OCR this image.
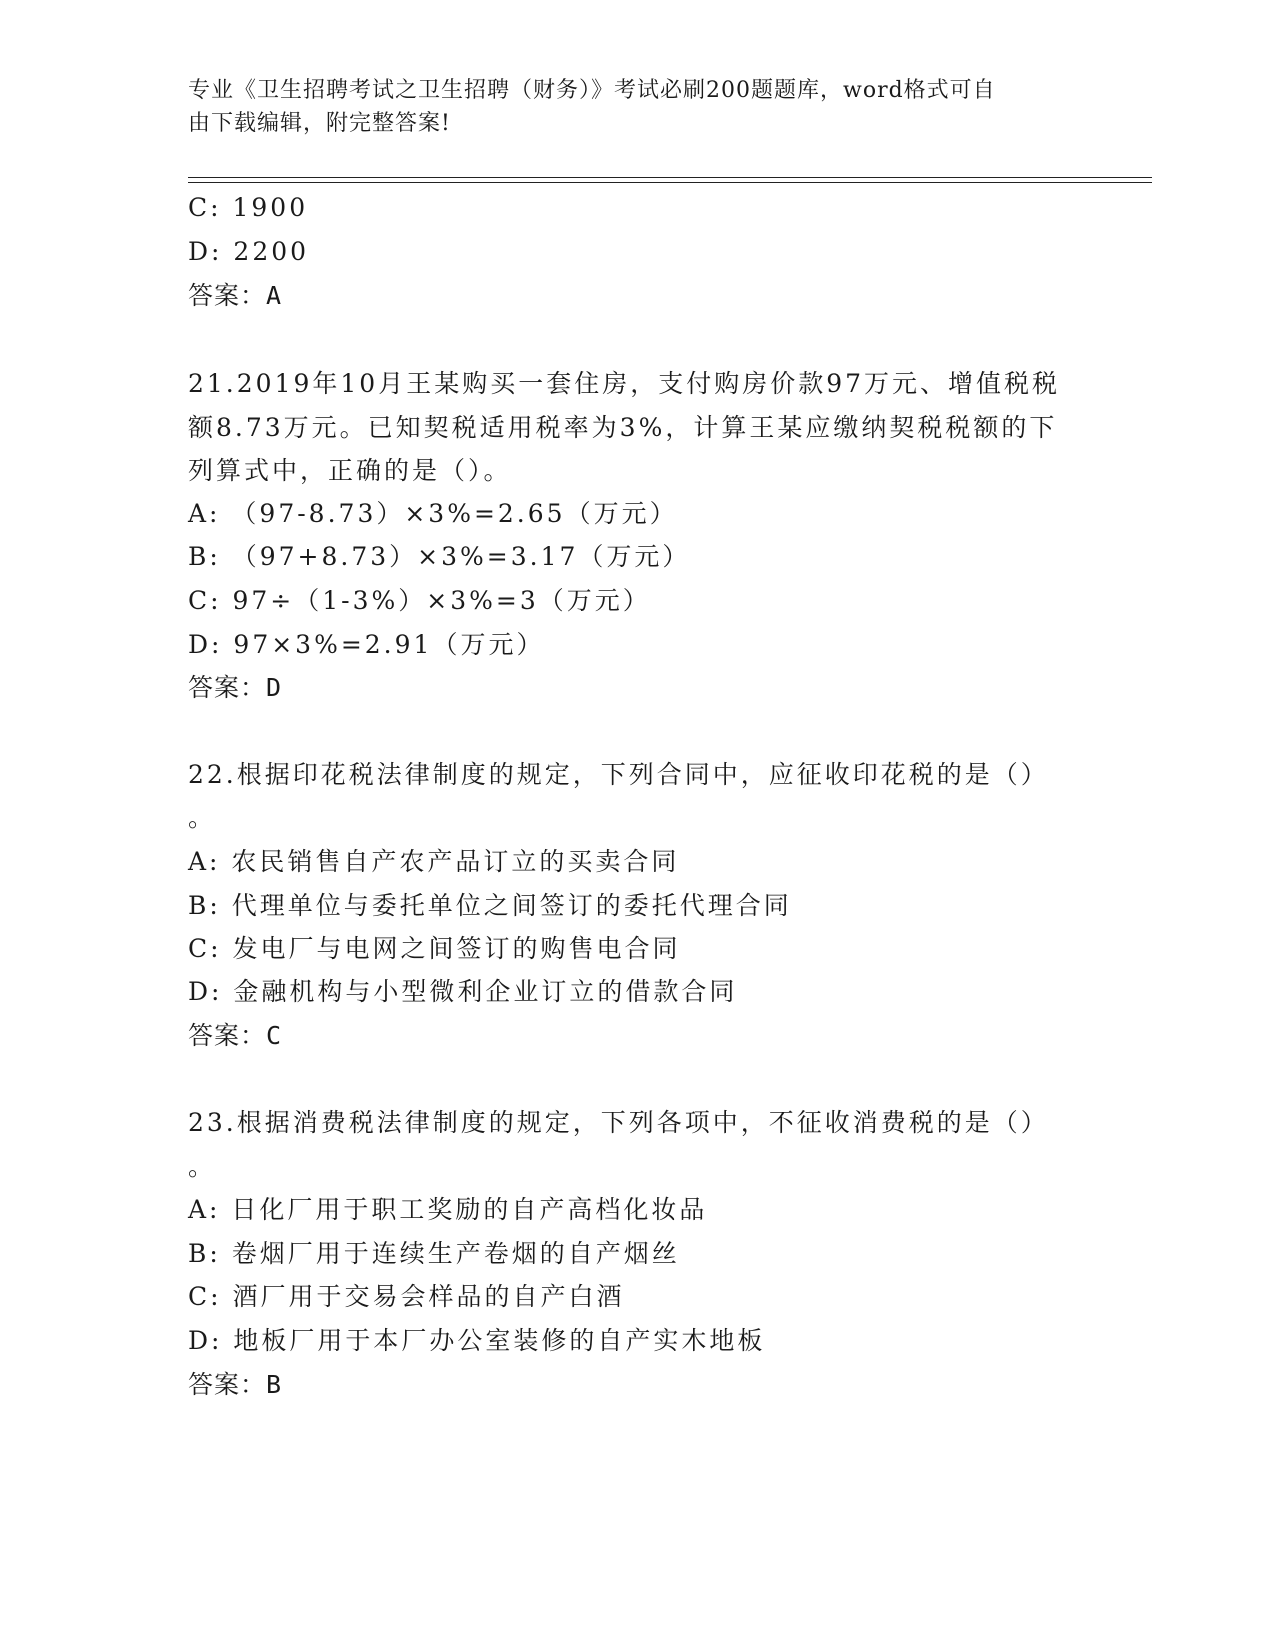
专业《卫生招聘考试之卫生招聘（财务）》考试必刷200题题库，word格式可自
由下载编辑，附完整答案!
C: 1900
D: 2200
答案：A
21.2019年10月王某购买一套住房，支付购房价款97万元、增值税税
额8.73万元。已知契税适用税率为3%，计算王某应缴纳契税税额的下
列算式中，正确的是（）。
A: （97-8.73）×3%=2.65（万元）
B: （97+8.73）×3%=3.17（万元）
C: 97÷（1-3%）×3%=3（万元）
D: 97×3%=2.91（万元）
答案：D
22.根据印花税法律制度的规定，下列合同中，应征收印花税的是（）
。
A: 农民销售自产农产品订立的买卖合同
B: 代理单位与委托单位之间签订的委托代理合同
C: 发电厂与电网之间签订的购售电合同
D: 金融机构与小型微利企业订立的借款合同
答案：C
23.根据消费税法律制度的规定，下列各项中，不征收消费税的是（）
。
A: 日化厂用于职工奖励的自产高档化妆品
B: 卷烟厂用于连续生产卷烟的自产烟丝
C: 酒厂用于交易会样品的自产白酒
D: 地板厂用于本厂办公室装修的自产实木地板
答案：B
